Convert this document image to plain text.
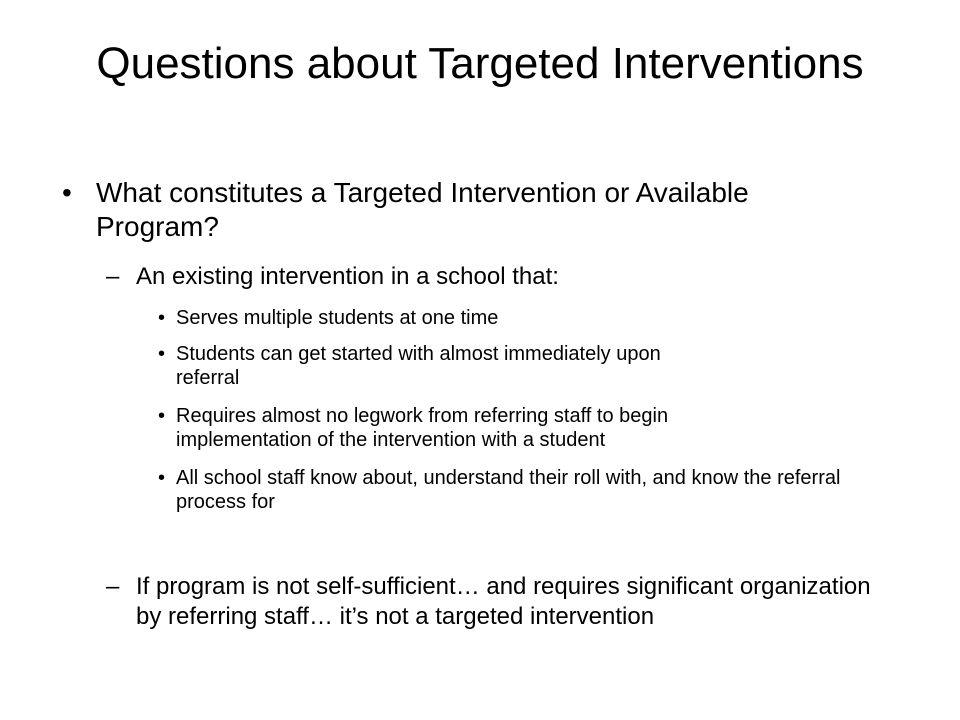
Questions about Targeted Interventions
• What constitutes a Targeted Intervention or Available Program?
– An existing intervention in a school that:
• Serves multiple students at one time
• Students can get started with almost immediately upon referral
• Requires almost no legwork from referring staff to begin implementation of the intervention with a student
• All school staff know about, understand their roll with, and know the referral process for
– If program is not self-sufficient… and requires significant organization by referring staff… it’s not a targeted intervention
